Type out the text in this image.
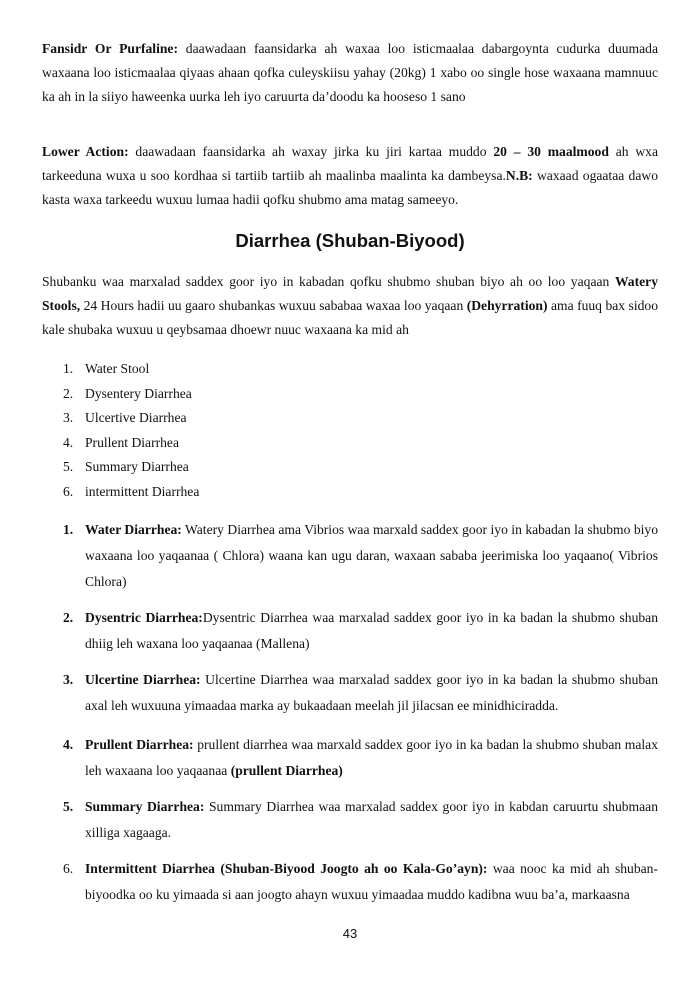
Fansidr Or Purfaline: daawadaan faansidarka ah waxaa loo isticmaalaa dabargoynta cudurka duumada waxaana loo isticmaalaa qiyaas ahaan qofka culeyskiisu yahay (20kg) 1 xabo oo single hose waxaana mamnuuc ka ah in la siiyo haweenka uurka leh iyo caruurta da’doodu ka hooseso 1 sano

Lower Action: daawadaan faansidarka ah waxay jirka ku jiri kartaa muddo 20 – 30 maalmood ah wxa tarkeeduna wuxa u soo kordhaa si tartiib tartiib ah maalinba maalinta ka dambeysa.N.B: waxaad ogaataa dawo kasta waxa tarkeedu wuxuu lumaa hadii qofku shubmo ama matag sameeyo.

Diarrhea (Shuban-Biyood)

Shubanku waa marxalad saddex goor iyo in kabadan qofku shubmo shuban biyo ah oo loo yaqaan Watery Stools, 24 Hours hadii uu gaaro shubankas wuxuu sababaa waxaa loo yaqaan (Dehyrration) ama fuuq bax sidoo kale shubaka wuxuu u qeybsamaa dhoewr nuuc waxaana ka mid ah

1. Water Stool
2. Dysentery Diarrhea
3. Ulcertive Diarrhea
4. Prullent Diarrhea
5. Summary Diarrhea
6. intermittent Diarrhea
1. Water Diarrhea: Watery Diarrhea ama Vibrios waa marxald saddex goor iyo in kabadan la shubmo biyo waxaana loo yaqaanaa ( Chlora) waana kan ugu daran, waxaan sababa jeerimiska loo yaqaano( Vibrios Chlora)
2. Dysentric Diarrhea:Dysentric Diarrhea waa marxalad saddex goor iyo in ka badan la shubmo shuban dhiig leh waxana loo yaqaanaa (Mallena)
3. Ulcertine Diarrhea: Ulcertine Diarrhea waa marxalad saddex goor iyo in ka badan la shubmo shuban axal leh wuxuuna yimaadaa marka ay bukaadaan meelah jil jilacsan ee minidhiciradda.
4. Prullent Diarrhea: prullent diarrhea waa marxald saddex goor iyo in ka badan la shubmo shuban malax leh waxaana loo yaqaanaa (prullent Diarrhea)
5. Summary Diarrhea: Summary Diarrhea waa marxalad saddex goor iyo in kabdan caruurtu shubmaan xilliga xagaaga.
6. Intermittent Diarrhea (Shuban-Biyood Joogto ah oo Kala-Go’ayn): waa nooc ka mid ah shuban-biyoodka oo ku yimaada si aan joogto ahayn wuxuu yimaadaa muddo kadibna wuu ba’a, markaasna
43
